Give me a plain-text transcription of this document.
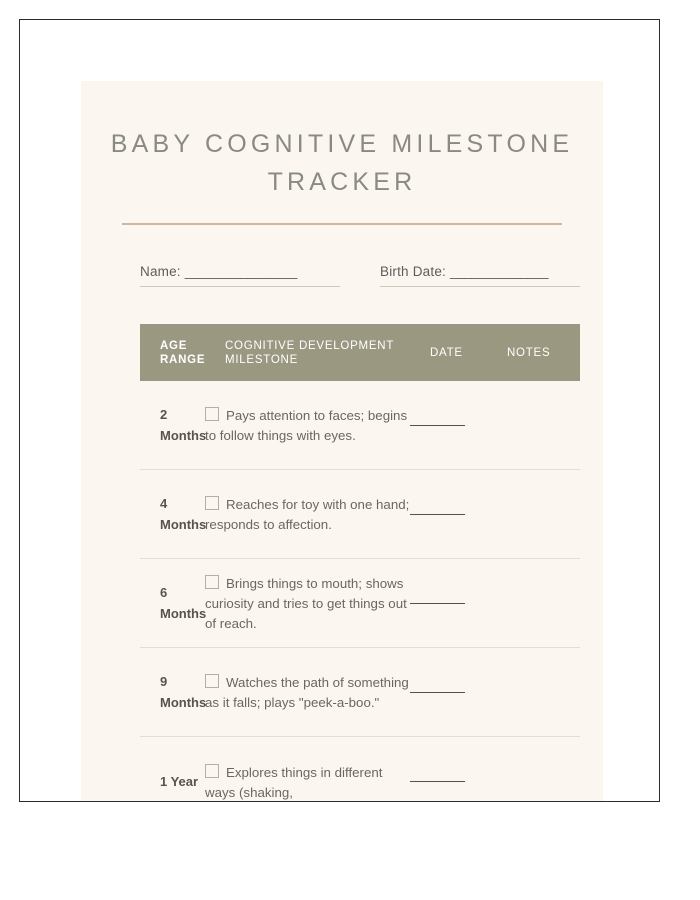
BABY COGNITIVE MILESTONE
TRACKER
Name: ________________	Birth Date: ______________
AGE
RANGE
COGNITIVE DEVELOPMENT
MILESTONE
DATE	NOTES
2
Months
Pays attention to faces; begins to follow things with eyes.
4
Months
Reaches for toy with one hand; responds to affection.
6
Months
Brings things to mouth; shows curiosity and tries to get things out of reach.
9
Months
Watches the path of something as it falls; plays "peek-a-boo."
1 Year
Explores things in different ways (shaking,
